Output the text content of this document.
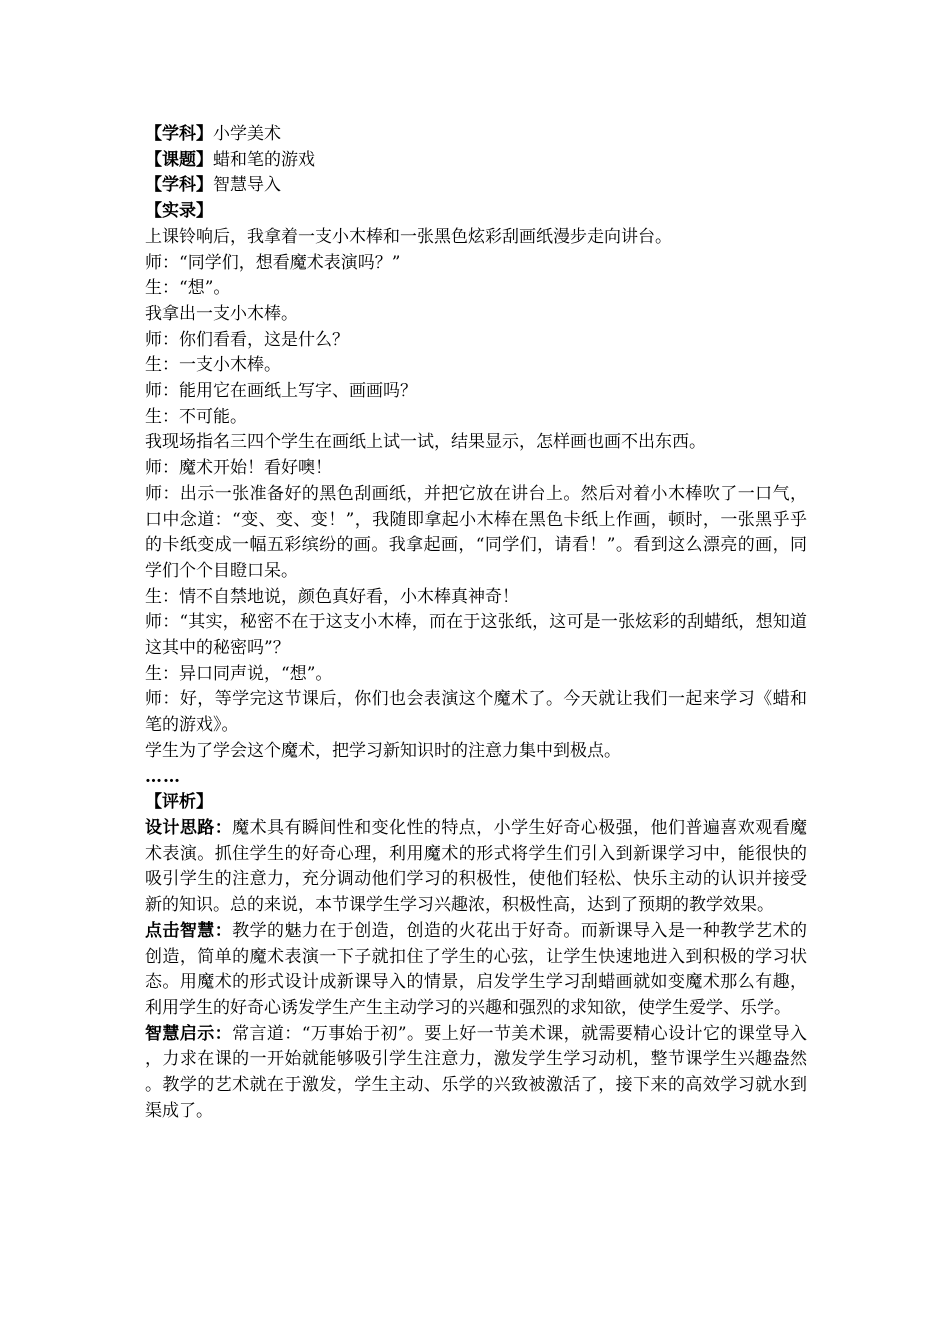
【学科】小学美术
【课题】蜡和笔的游戏
【学科】智慧导入
【实录】
上课铃响后，我拿着一支小木棒和一张黑色炫彩刮画纸漫步走向讲台。
师：“同学们，想看魔术表演吗？”
生：“想”。
我拿出一支小木棒。
师：你们看看，这是什么？
生：一支小木棒。
师：能用它在画纸上写字、画画吗？
生：不可能。
我现场指名三四个学生在画纸上试一试，结果显示，怎样画也画不出东西。
师：魔术开始！看好噢！
师：出示一张准备好的黑色刮画纸，并把它放在讲台上。然后对着小木棒吹了一口气，口中念道：“变、变、变！”，我随即拿起小木棒在黑色卡纸上作画，顿时，一张黑乎乎的卡纸变成一幅五彩缤纷的画。我拿起画，“同学们，请看！”。看到这么漂亮的画，同学们个个目瞪口呆。
生：情不自禁地说，颜色真好看，小木棒真神奇！
师：“其实，秘密不在于这支小木棒，而在于这张纸，这可是一张炫彩的刮蜡纸，想知道这其中的秘密吗”？
生：异口同声说，“想”。
师：好，等学完这节课后，你们也会表演这个魔术了。今天就让我们一起来学习《蜡和笔的游戏》。
学生为了学会这个魔术，把学习新知识时的注意力集中到极点。
……
【评析】
设计思路：魔术具有瞬间性和变化性的特点，小学生好奇心极强，他们普遍喜欢观看魔术表演。抓住学生的好奇心理，利用魔术的形式将学生们引入到新课学习中，能很快的吸引学生的注意力，充分调动他们学习的积极性，使他们轻松、快乐主动的认识并接受新的知识。总的来说，本节课学生学习兴趣浓，积极性高，达到了预期的教学效果。
点击智慧：教学的魅力在于创造，创造的火花出于好奇。而新课导入是一种教学艺术的创造，简单的魔术表演一下子就扣住了学生的心弦，让学生快速地进入到积极的学习状态。用魔术的形式设计成新课导入的情景，启发学生学习刮蜡画就如变魔术那么有趣，利用学生的好奇心诱发学生产生主动学习的兴趣和强烈的求知欲，使学生爱学、乐学。
智慧启示：常言道：“万事始于初”。要上好一节美术课，就需要精心设计它的课堂导入，力求在课的一开始就能够吸引学生注意力，激发学生学习动机，整节课学生兴趣盎然。教学的艺术就在于激发，学生主动、乐学的兴致被激活了，接下来的高效学习就水到渠成了。
